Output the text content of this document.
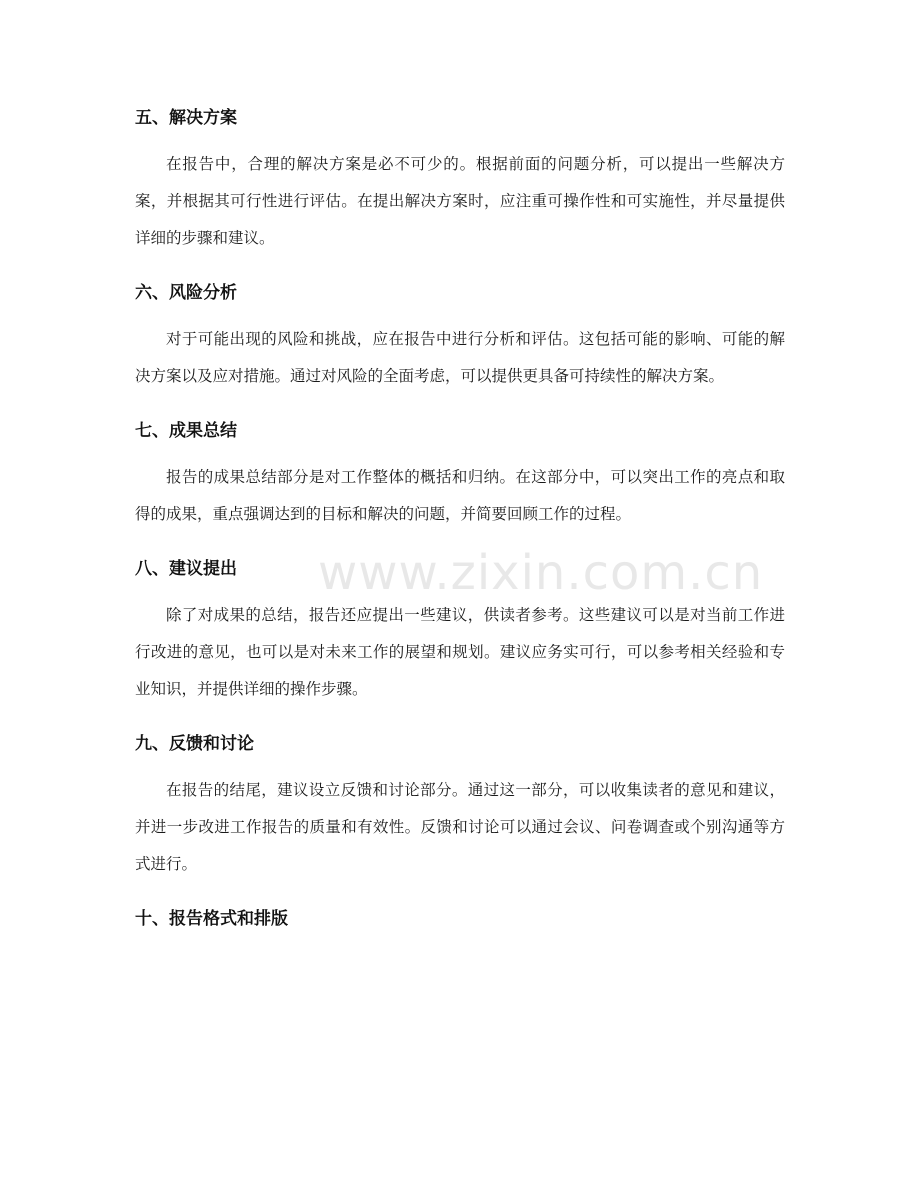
www.zixin.com.cn
五、解决方案

在报告中，合理的解决方案是必不可少的。根据前面的问题分析，可以提出一些解决方案，并根据其可行性进行评估。在提出解决方案时，应注重可操作性和可实施性，并尽量提供详细的步骤和建议。

六、风险分析

对于可能出现的风险和挑战，应在报告中进行分析和评估。这包括可能的影响、可能的解决方案以及应对措施。通过对风险的全面考虑，可以提供更具备可持续性的解决方案。

七、成果总结

报告的成果总结部分是对工作整体的概括和归纳。在这部分中，可以突出工作的亮点和取得的成果，重点强调达到的目标和解决的问题，并简要回顾工作的过程。

八、建议提出

除了对成果的总结，报告还应提出一些建议，供读者参考。这些建议可以是对当前工作进行改进的意见，也可以是对未来工作的展望和规划。建议应务实可行，可以参考相关经验和专业知识，并提供详细的操作步骤。

九、反馈和讨论

在报告的结尾，建议设立反馈和讨论部分。通过这一部分，可以收集读者的意见和建议，并进一步改进工作报告的质量和有效性。反馈和讨论可以通过会议、问卷调查或个别沟通等方式进行。

十、报告格式和排版
